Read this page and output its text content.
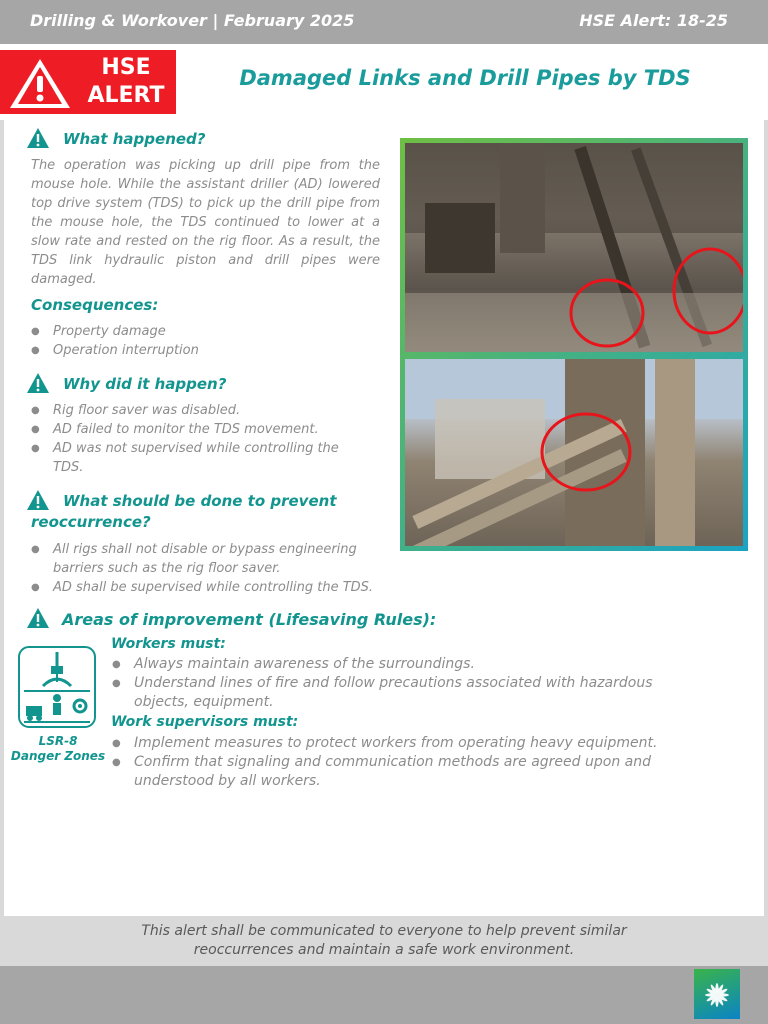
Drilling & Workover | February 2025	HSE Alert: 18-25
HSE
ALERT
Damaged Links and Drill Pipes by TDS
What happened?
The operation was picking up drill pipe from the mouse hole. While the assistant driller (AD) lowered top drive system (TDS) to pick up the drill pipe from the mouse hole, the TDS continued to lower at a slow rate and rested on the rig floor. As a result, the TDS link hydraulic piston and drill pipes were damaged.
Consequences:
● Property damage
● Operation interruption
Why did it happen?
● Rig floor saver was disabled.
● AD failed to monitor the TDS movement.
● AD was not supervised while controlling the TDS.
What should be done to prevent
reoccurrence?
● All rigs shall not disable or bypass engineering barriers such as the rig floor saver.
● AD shall be supervised while controlling the TDS.
Areas of improvement (Lifesaving Rules):
LSR-8
Danger Zones
Workers must:
● Always maintain awareness of the surroundings.
● Understand lines of fire and follow precautions associated with hazardous objects, equipment.
Work supervisors must:
● Implement measures to protect workers from operating heavy equipment.
● Confirm that signaling and communication methods are agreed upon and understood by all workers.
This alert shall be communicated to everyone to help prevent similar
reoccurrences and maintain a safe work environment.
